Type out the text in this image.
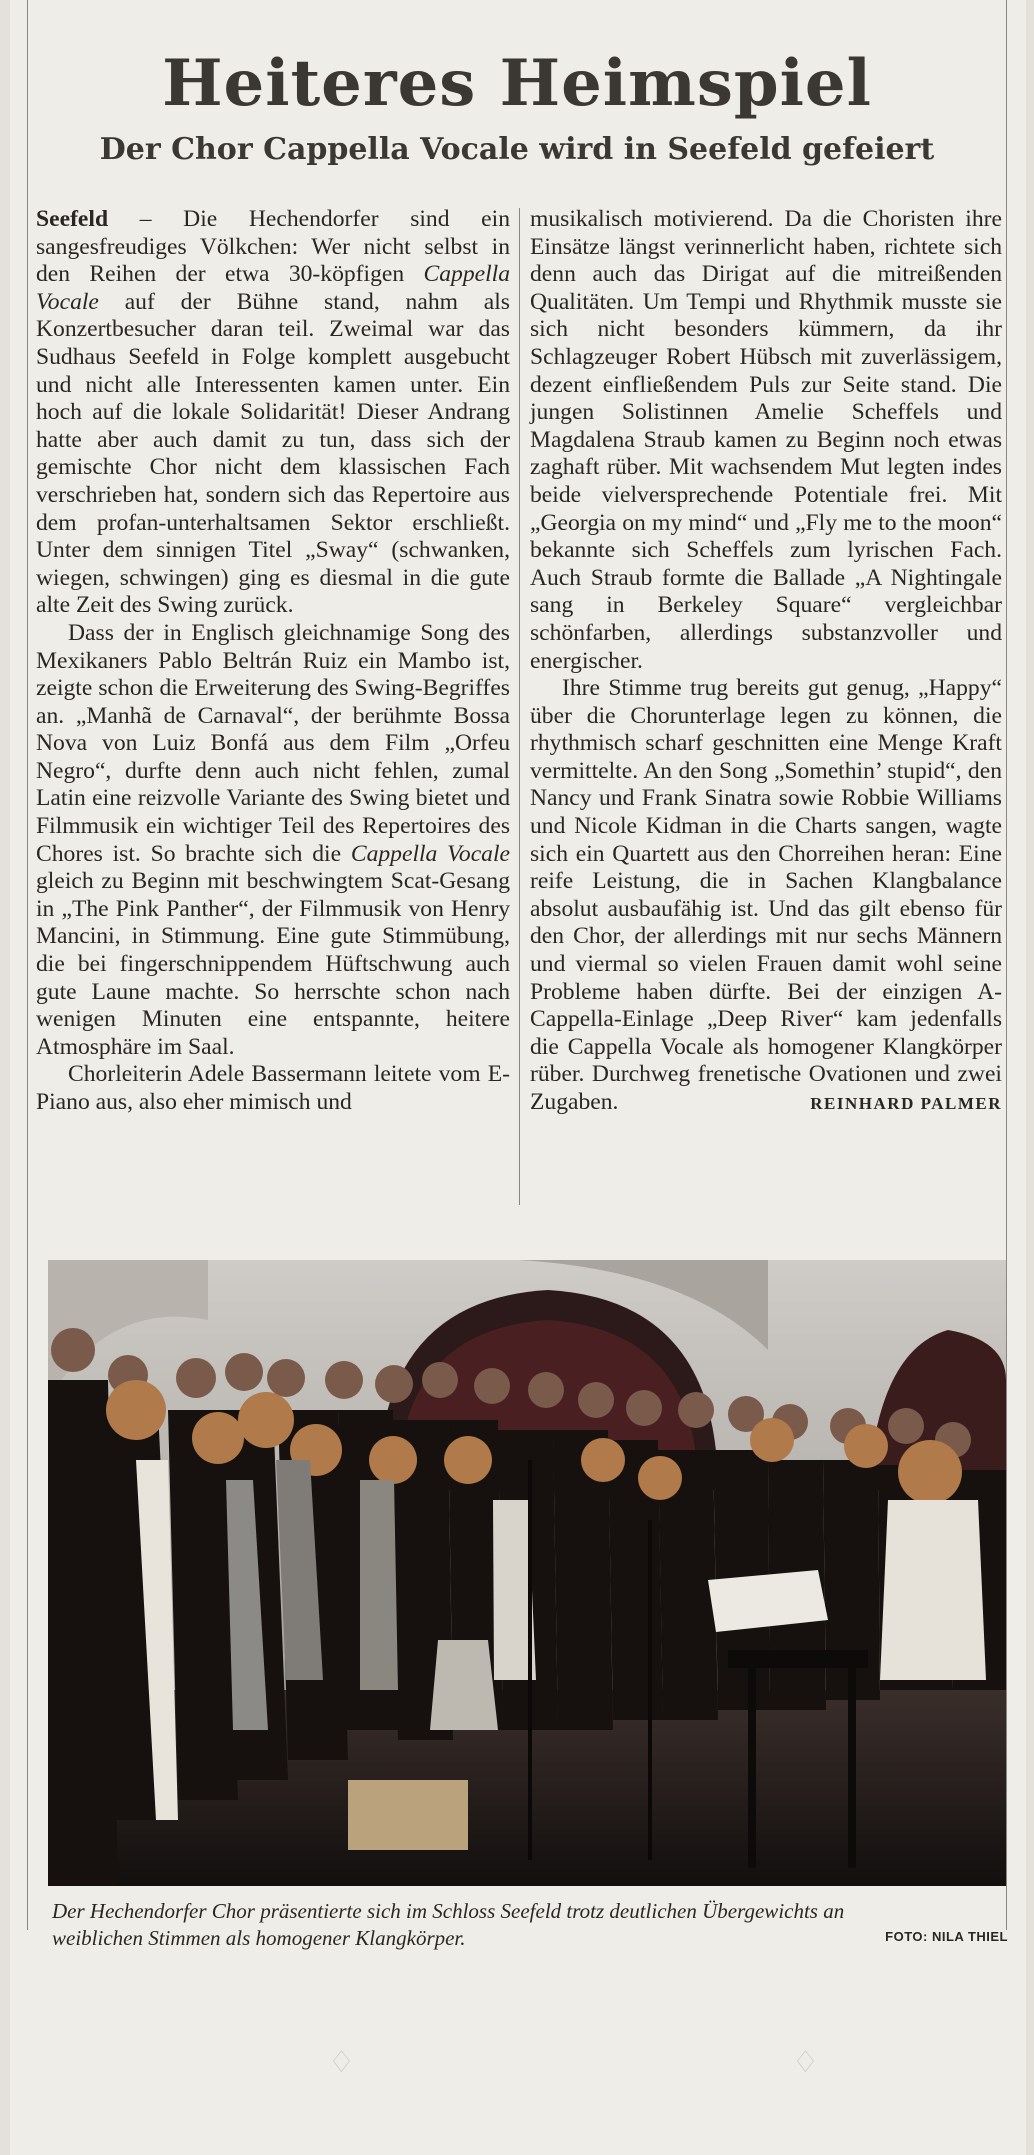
Heiteres Heimspiel
Der Chor Cappella Vocale wird in Seefeld gefeiert

Seefeld – Die Hechendorfer sind ein sangesfreudiges Völkchen: Wer nicht selbst in den Reihen der etwa 30-köpfigen Cappella Vocale auf der Bühne stand, nahm als Konzertbesucher daran teil. Zweimal war das Sudhaus Seefeld in Folge komplett ausgebucht und nicht alle Interessenten kamen unter. Ein hoch auf die lokale Solidarität! Dieser Andrang hatte aber auch damit zu tun, dass sich der gemischte Chor nicht dem klassischen Fach verschrieben hat, sondern sich das Repertoire aus dem profan-unterhaltsamen Sektor erschließt. Unter dem sinnigen Titel „Sway“ (schwanken, wiegen, schwingen) ging es diesmal in die gute alte Zeit des Swing zurück.

Dass der in Englisch gleichnamige Song des Mexikaners Pablo Beltrán Ruiz ein Mambo ist, zeigte schon die Erweiterung des Swing-Begriffes an. „Manhã de Carnaval“, der berühmte Bossa Nova von Luiz Bonfá aus dem Film „Orfeu Negro“, durfte denn auch nicht fehlen, zumal Latin eine reizvolle Variante des Swing bietet und Filmmusik ein wichtiger Teil des Repertoires des Chores ist. So brachte sich die Cappella Vocale gleich zu Beginn mit beschwingtem Scat-Gesang in „The Pink Panther“, der Filmmusik von Henry Mancini, in Stimmung. Eine gute Stimmübung, die bei fingerschnippendem Hüftschwung auch gute Laune machte. So herrschte schon nach wenigen Minuten eine entspannte, heitere Atmosphäre im Saal.

Chorleiterin Adele Bassermann leitete vom E-Piano aus, also eher mimisch und

musikalisch motivierend. Da die Choristen ihre Einsätze längst verinnerlicht haben, richtete sich denn auch das Dirigat auf die mitreißenden Qualitäten. Um Tempi und Rhythmik musste sie sich nicht besonders kümmern, da ihr Schlagzeuger Robert Hübsch mit zuverlässigem, dezent einfließendem Puls zur Seite stand. Die jungen Solistinnen Amelie Scheffels und Magdalena Straub kamen zu Beginn noch etwas zaghaft rüber. Mit wachsendem Mut legten indes beide vielversprechende Potentiale frei. Mit „Georgia on my mind“ und „Fly me to the moon“ bekannte sich Scheffels zum lyrischen Fach. Auch Straub formte die Ballade „A Nightingale sang in Berkeley Square“ vergleichbar schönfarben, allerdings substanzvoller und energischer.

Ihre Stimme trug bereits gut genug, „Happy“ über die Chorunterlage legen zu können, die rhythmisch scharf geschnitten eine Menge Kraft vermittelte. An den Song „Somethin’ stupid“, den Nancy und Frank Sinatra sowie Robbie Williams und Nicole Kidman in die Charts sangen, wagte sich ein Quartett aus den Chorreihen heran: Eine reife Leistung, die in Sachen Klangbalance absolut ausbaufähig ist. Und das gilt ebenso für den Chor, der allerdings mit nur sechs Männern und viermal so vielen Frauen damit wohl seine Probleme haben dürfte. Bei der einzigen A-Cappella-Einlage „Deep River“ kam jedenfalls die Cappella Vocale als homogener Klangkörper rüber. Durchweg frenetische Ovationen und zwei Zugaben.	REINHARD PALMER
Der Hechendorfer Chor präsentierte sich im Schloss Seefeld trotz deutlichen Übergewichts an weiblichen Stimmen als homogener Klangkörper.	FOTO: NILA THIEL
♢	♢
